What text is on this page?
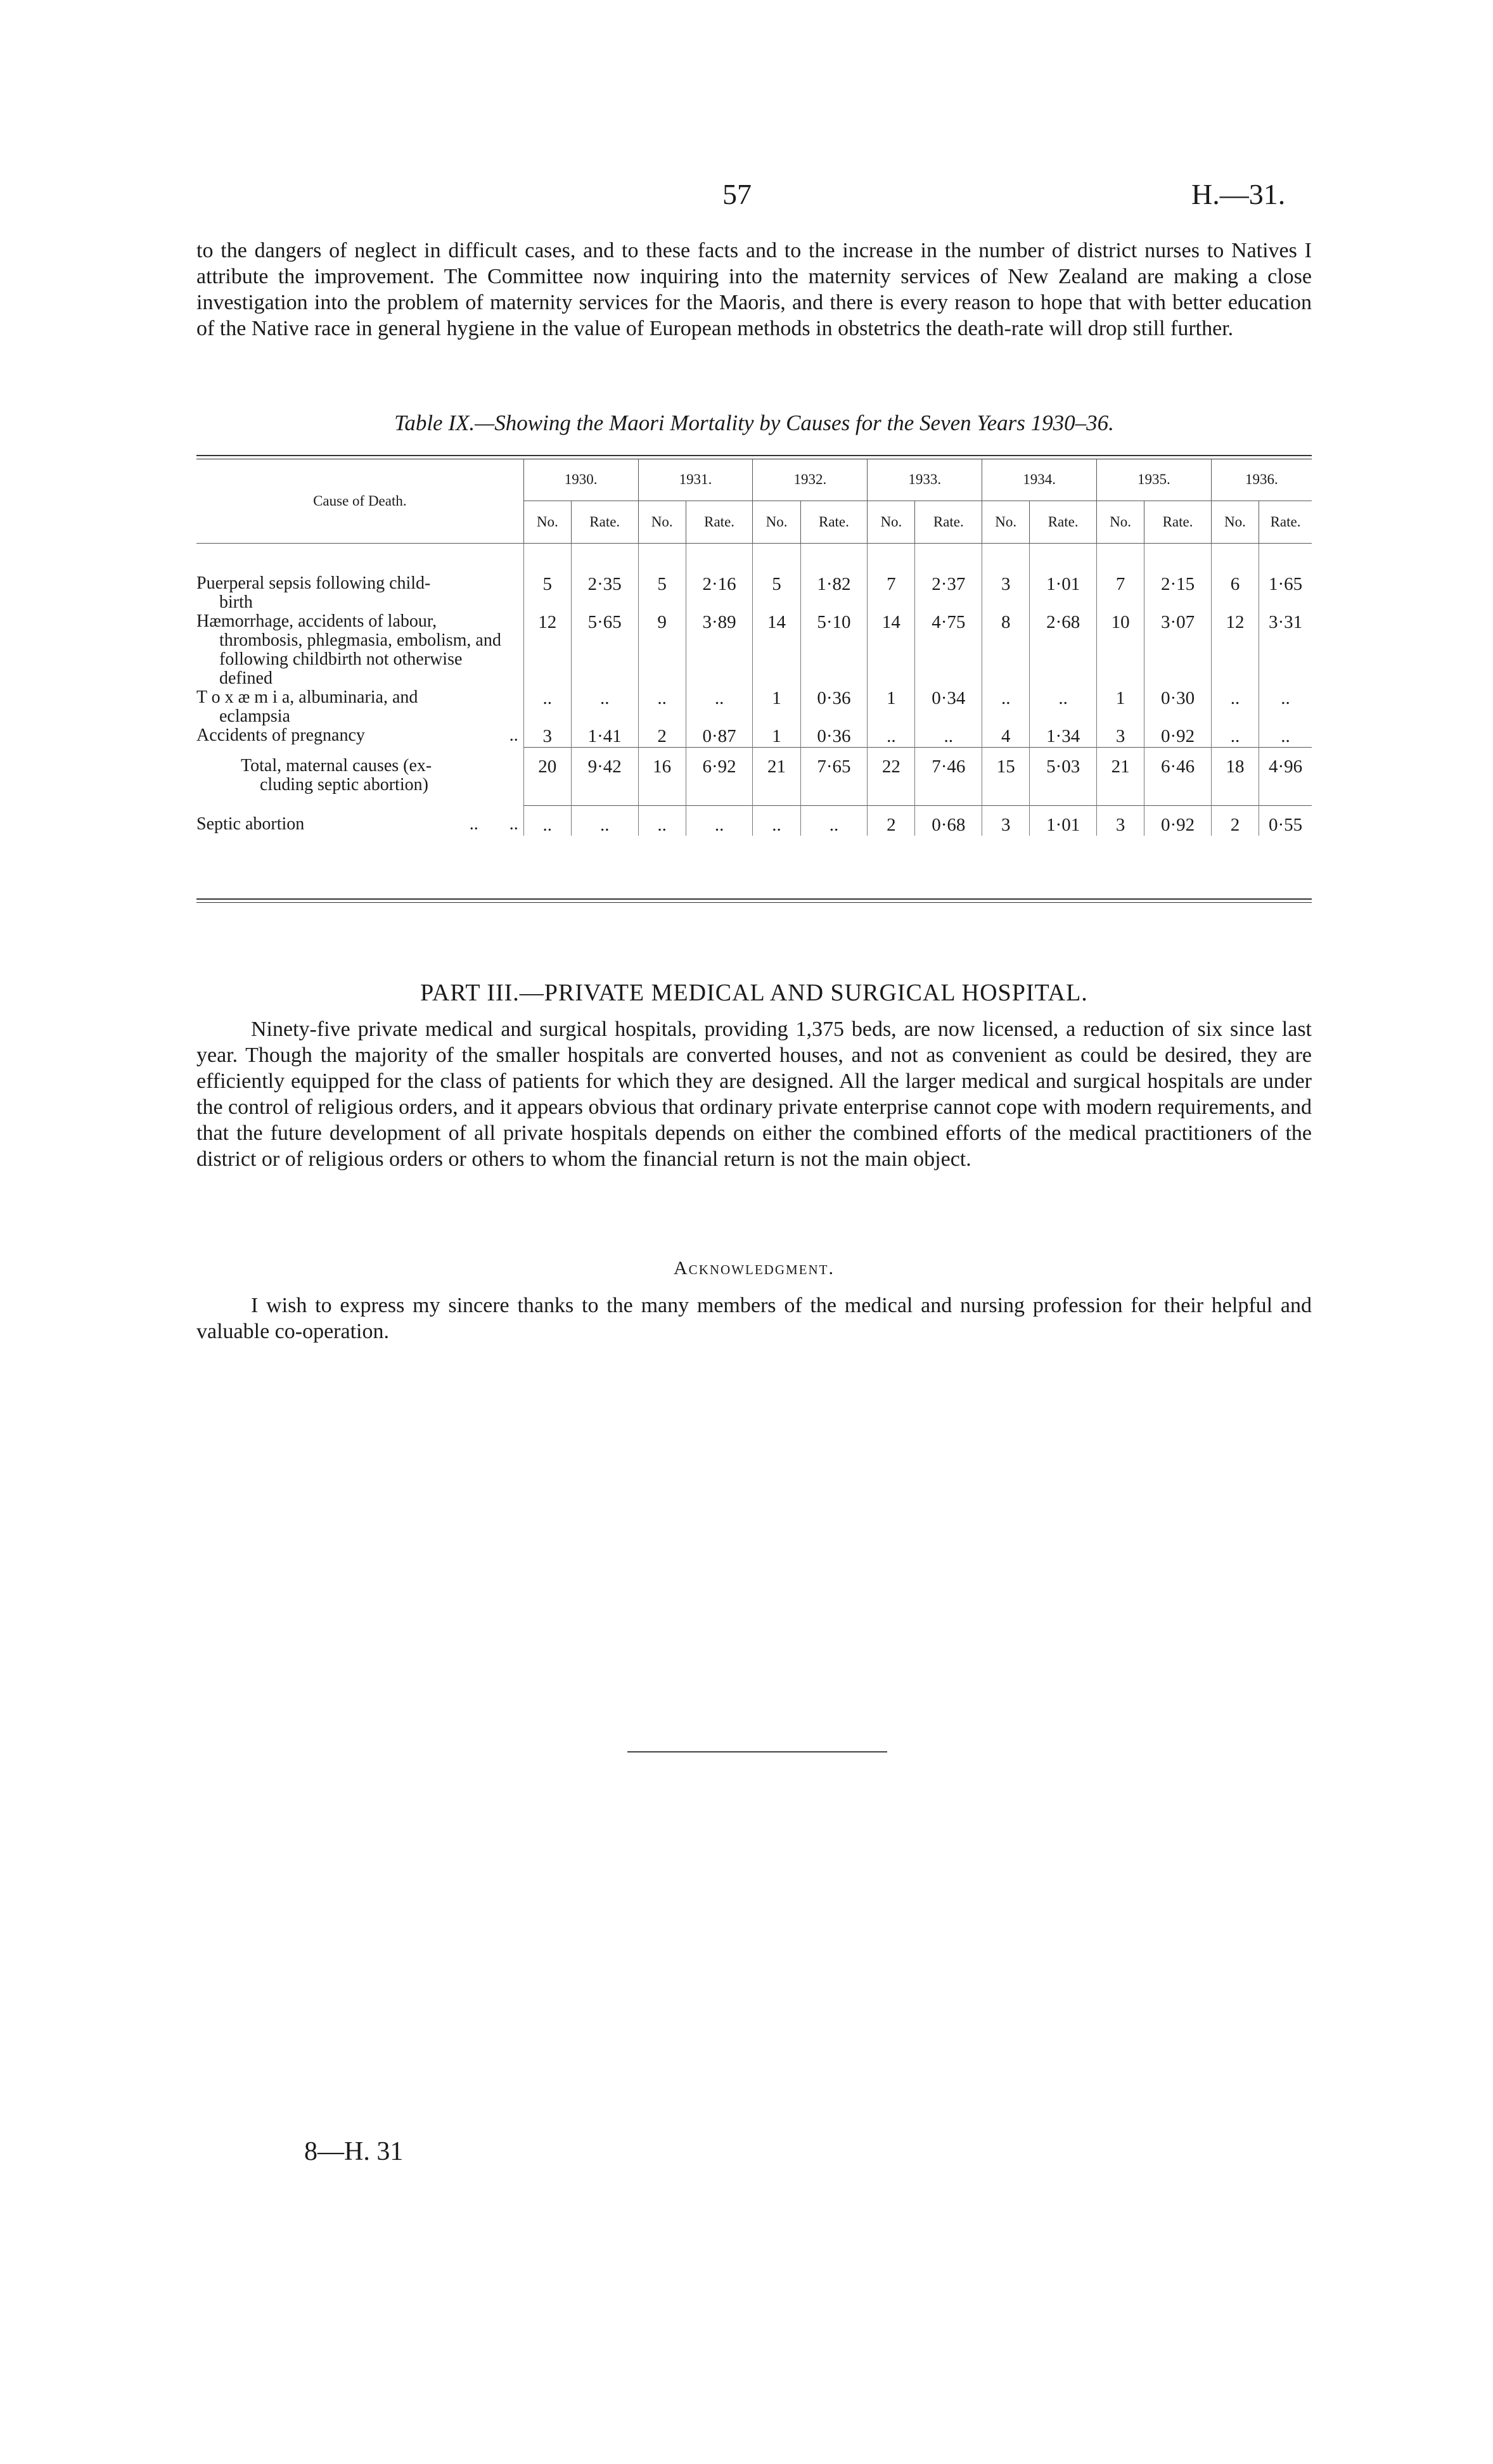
57	H.—31.

to the dangers of neglect in difficult cases, and to these facts and to the increase in the number of district nurses to Natives I attribute the improvement. The Committee now inquiring into the maternity services of New Zealand are making a close investigation into the problem of maternity services for the Maoris, and there is every reason to hope that with better education of the Native race in general hygiene in the value of European methods in obstetrics the death-rate will drop still further.

Table IX.—Showing the Maori Mortality by Causes for the Seven Years 1930–36.
Cause of Death.	1930.		1931.		1932.		1933.		1934.		1935.		1936.	
	No.	Rate.	No.	Rate.	No.	Rate.	No.	Rate.	No.	Rate.	No.	Rate.	No.	Rate.

Puerperal sepsis following child-
birth	5	2·35	5	2·16	5	1·82	7	2·37	3	1·01	7	2·15	6	1·65

Hæmorrhage, accidents of labour,
thrombosis, phlegmasia, embolism, and following childbirth not otherwise defined	12	5·65	9	3·89	14	5·10	14	4·75	8	2·68	10	3·07	12	3·31

T o x æ m i a, albuminaria, and
eclampsia	..	..	..	..	1	0·36	1	0·34	..	..	1	0·30	..	..

Accidents of pregnancy ..	3	1·41	2	0·87	1	0·36	..	..	4	1·34	3	0·92	..	..

Total, maternal causes (ex-
cluding septic abortion)	20	9·42	16	6·92	21	7·65	22	7·46	15	5·03	21	6·46	18	4·96

Septic abortion ..       ..	..	..	..	..	..	..	2	0·68	3	1·01	3	0·92	2	0·55
PART III.—PRIVATE MEDICAL AND SURGICAL HOSPITAL.

Ninety-five private medical and surgical hospitals, providing 1,375 beds, are now licensed, a reduction of six since last year. Though the majority of the smaller hospitals are converted houses, and not as convenient as could be desired, they are efficiently equipped for the class of patients for which they are designed. All the larger medical and surgical hospitals are under the control of religious orders, and it appears obvious that ordinary private enterprise cannot cope with modern requirements, and that the future development of all private hospitals depends on either the combined efforts of the medical practitioners of the district or of religious orders or others to whom the financial return is not the main object.

Acknowledgment.

I wish to express my sincere thanks to the many members of the medical and nursing profession for their helpful and valuable co-operation.

8—H. 31
